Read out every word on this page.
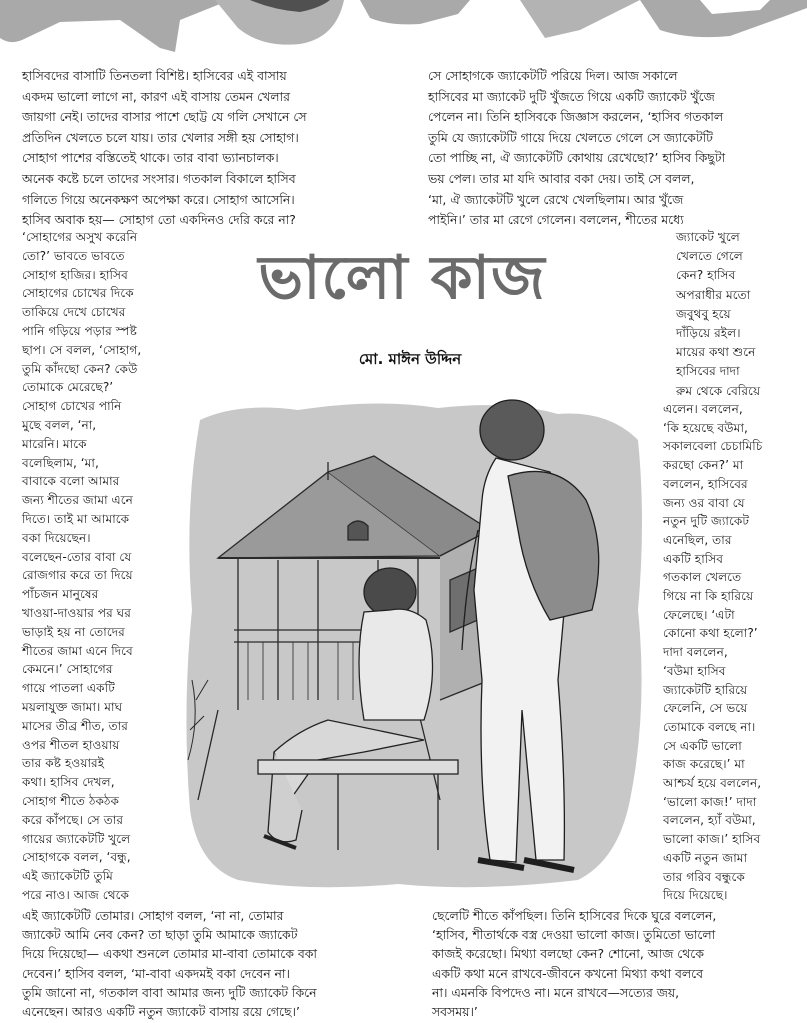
হাসিবদের বাসাটি তিনতলা বিশিষ্ট। হাসিবের এই বাসায়

একদম ভালো লাগে না, কারণ এই বাসায় তেমন খেলার

জায়গা নেই। তাদের বাসার পাশে ছোট্ট যে গলি সেখানে সে

প্রতিদিন খেলতে চলে যায়। তার খেলার সঙ্গী হয় সোহাগ।

সোহাগ পাশের বস্তিতেই থাকে। তার বাবা ভ্যানচালক।

অনেক কষ্টে চলে তাদের সংসার। গতকাল বিকালে হাসিব

গলিতে গিয়ে অনেকক্ষণ অপেক্ষা করে। সোহাগ আসেনি।

হাসিব অবাক হয়— সোহাগ তো একদিনও দেরি করে না?

‘সোহাগের অসুখ করেনি

তো?’ ভাবতে ভাবতে

সোহাগ হাজির। হাসিব

সোহাগের চোখের দিকে

তাকিয়ে দেখে চোখের

পানি গড়িয়ে পড়ার স্পষ্ট

ছাপ। সে বলল, ‘সোহাগ,

তুমি কাঁদছো কেন? কেউ

তোমাকে মেরেছে?’

সোহাগ চোখের পানি

মুছে বলল, ‘না,

মারেনি। মাকে

বলেছিলাম, ‘মা,

বাবাকে বলো আমার

জন্য শীতের জামা এনে

দিতে। তাই মা আমাকে

বকা দিয়েছেন।

বলেছেন-তোর বাবা যে

রোজগার করে তা দিয়ে

পাঁচজন মানুষের

খাওয়া-দাওয়ার পর ঘর

ভাড়াই হয় না তোদের

শীতের জামা এনে দিবে

কেমনে।’ সোহাগের

গায়ে পাতলা একটি

ময়লাযুক্ত জামা। মাঘ

মাসের তীব্র শীত, তার

ওপর শীতল হাওয়ায়

তার কষ্ট হওয়ারই

কথা। হাসিব দেখল,

সোহাগ শীতে ঠকঠক

করে কাঁপছে। সে তার

গায়ের জ্যাকেটটি খুলে

সোহাগকে বলল, ‘বন্ধু,

এই জ্যাকেটটি তুমি

পরে নাও। আজ থেকে

এই জ্যাকেটটি তোমার। সোহাগ বলল, ‘না না, তোমার

জ্যাকেট আমি নেব কেন? তা ছাড়া তুমি আমাকে জ্যাকেট

দিয়ে দিয়েছো— একথা শুনলে তোমার মা-বাবা তোমাকে বকা

দেবেন।’ হাসিব বলল, ‘মা-বাবা একদমই বকা দেবেন না।

তুমি জানো না, গতকাল বাবা আমার জন্য দুটি জ্যাকেট কিনে

এনেছেন। আরও একটি নতুন জ্যাকেট বাসায় রয়ে গেছে।’

সে সোহাগকে জ্যাকেটটি পরিয়ে দিল। আজ সকালে

হাসিবের মা জ্যাকেট দুটি খুঁজতে গিয়ে একটি জ্যাকেট খুঁজে

পেলেন না। তিনি হাসিবকে জিজ্ঞাস করলেন, ‘হাসিব গতকাল

তুমি যে জ্যাকেটটি গায়ে দিয়ে খেলতে গেলে সে জ্যাকেটটি

তো পাচ্ছি না, ঐ জ্যাকেটটি কোথায় রেখেছো?’ হাসিব কিছুটা

ভয় পেল। তার মা যদি আবার বকা দেয়। তাই সে বলল,

‘মা, ঐ জ্যাকেটটি খুলে রেখে খেলছিলাম। আর খুঁজে

পাইনি।’ তার মা রেগে গেলেন। বললেন, শীতের মধ্যে

জ্যাকেট খুলে

খেলতে গেলে

কেন? হাসিব

অপরাধীর মতো

জবুথবু হয়ে

দাঁড়িয়ে রইল।

মায়ের কথা শুনে

হাসিবের দাদা

রুম থেকে বেরিয়ে

এলেন। বললেন,

‘কি হয়েছে বউমা,

সকালবেলা চেচামিচি

করছো কেন?’ মা

বললেন, হাসিবের

জন্য ওর বাবা যে

নতুন দুটি জ্যাকেট

এনেছিল, তার

একটি হাসিব

গতকাল খেলতে

গিয়ে না কি হারিয়ে

ফেলেছে। ‘এটা

কোনো কথা হলো?’

দাদা বললেন,

‘বউমা হাসিব

জ্যাকেটটি হারিয়ে

ফেলেনি, সে ভয়ে

তোমাকে বলছে না।

সে একটি ভালো

কাজ করেছে।’ মা

আশ্চর্য হয়ে বললেন,

‘ভালো কাজ!’ দাদা

বললেন, হ্যাঁ বউমা,

ভালো কাজ।’ হাসিব

একটি নতুন জামা

তার গরিব বন্ধুকে

দিয়ে দিয়েছে।

ছেলেটি শীতে কাঁপছিল। তিনি হাসিবের দিকে ঘুরে বললেন,

‘হাসিব, শীতার্থকে বস্ত্র দেওয়া ভালো কাজ। তুমিতো ভালো

কাজই করেছো। মিথ্যা বলছো কেন? শোনো, আজ থেকে

একটি কথা মনে রাখবে-জীবনে কখনো মিথ্যা কথা বলবে

না। এমনকি বিপদেও না। মনে রাখবে—সত্যের জয়,

সবসময়।’

ভালো কাজ

মো. মাঈন উদ্দিন
